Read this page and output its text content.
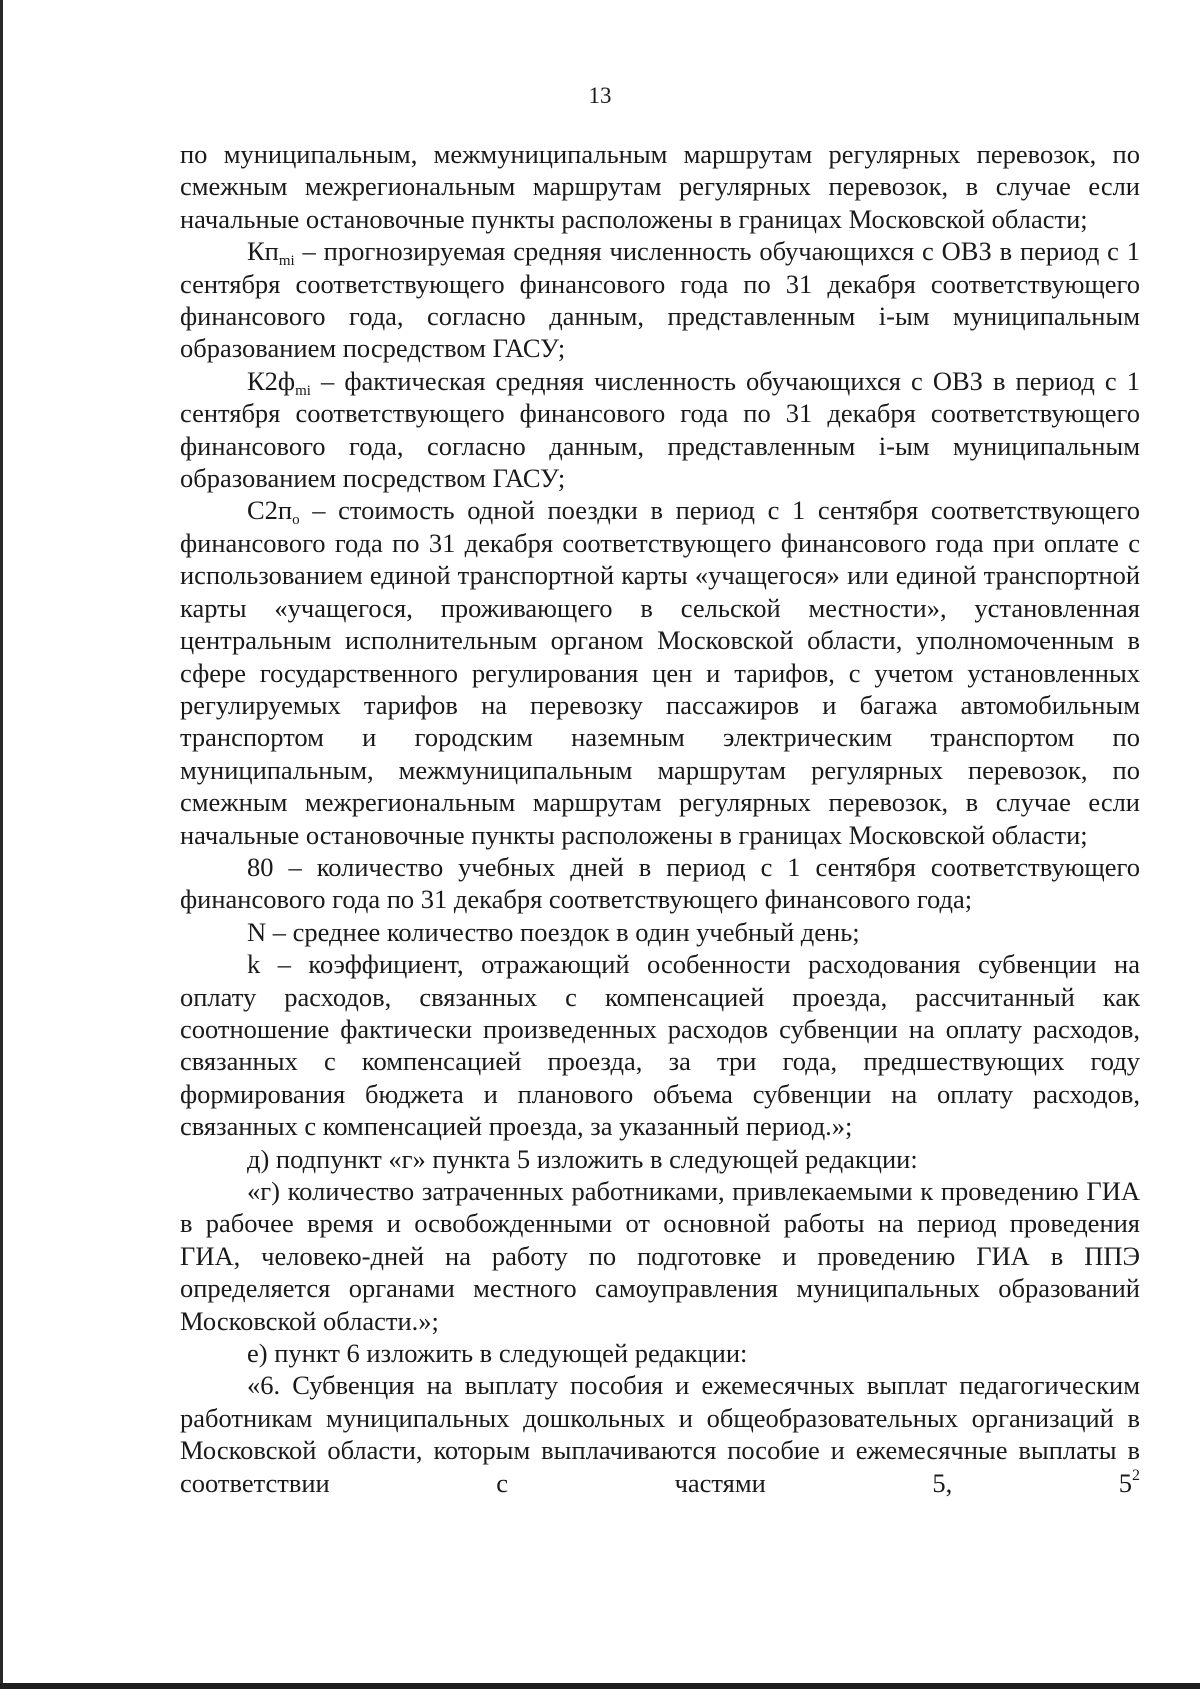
13

по муниципальным, межмуниципальным маршрутам регулярных перевозок, по смежным межрегиональным маршрутам регулярных перевозок, в случае если начальные остановочные пункты расположены в границах Московской области;

$Кп_{mi}$ – прогнозируемая средняя численность обучающихся с ОВЗ в период с 1 сентября соответствующего финансового года по 31 декабря соответствующего финансового года, согласно данным, представленным i-ым муниципальным образованием посредством ГАСУ;

$К2ф_{mi}$ – фактическая средняя численность обучающихся с ОВЗ в период с 1 сентября соответствующего финансового года по 31 декабря соответствующего финансового года, согласно данным, представленным i-ым муниципальным образованием посредством ГАСУ;

$С2п_о$ – стоимость одной поездки в период с 1 сентября соответствующего финансового года по 31 декабря соответствующего финансового года при оплате с использованием единой транспортной карты «учащегося» или единой транспортной карты «учащегося, проживающего в сельской местности», установленная центральным исполнительным органом Московской области, уполномоченным в сфере государственного регулирования цен и тарифов, с учетом установленных регулируемых тарифов на перевозку пассажиров и багажа автомобильным транспортом и городским наземным электрическим транспортом по муниципальным, межмуниципальным маршрутам регулярных перевозок, по смежным межрегиональным маршрутам регулярных перевозок, в случае если начальные остановочные пункты расположены в границах Московской области;

80 – количество учебных дней в период с 1 сентября соответствующего финансового года по 31 декабря соответствующего финансового года;

N – среднее количество поездок в один учебный день;

k – коэффициент, отражающий особенности расходования субвенции на оплату расходов, связанных с компенсацией проезда, рассчитанный как соотношение фактически произведенных расходов субвенции на оплату расходов, связанных с компенсацией проезда, за три года, предшествующих году формирования бюджета и планового объема субвенции на оплату расходов, связанных с компенсацией проезда, за указанный период.»;

д) подпункт «г» пункта 5 изложить в следующей редакции:

«г) количество затраченных работниками, привлекаемыми к проведению ГИА в рабочее время и освобожденными от основной работы на период проведения ГИА, человеко-дней на работу по подготовке и проведению ГИА в ППЭ определяется органами местного самоуправления муниципальных образований Московской области.»;

е) пункт 6 изложить в следующей редакции:

«6. Субвенция на выплату пособия и ежемесячных выплат педагогическим работникам муниципальных дошкольных и общеобразовательных организаций в Московской области, которым выплачиваются пособие и ежемесячные выплаты в соответствии с частями 5, $5^2$
